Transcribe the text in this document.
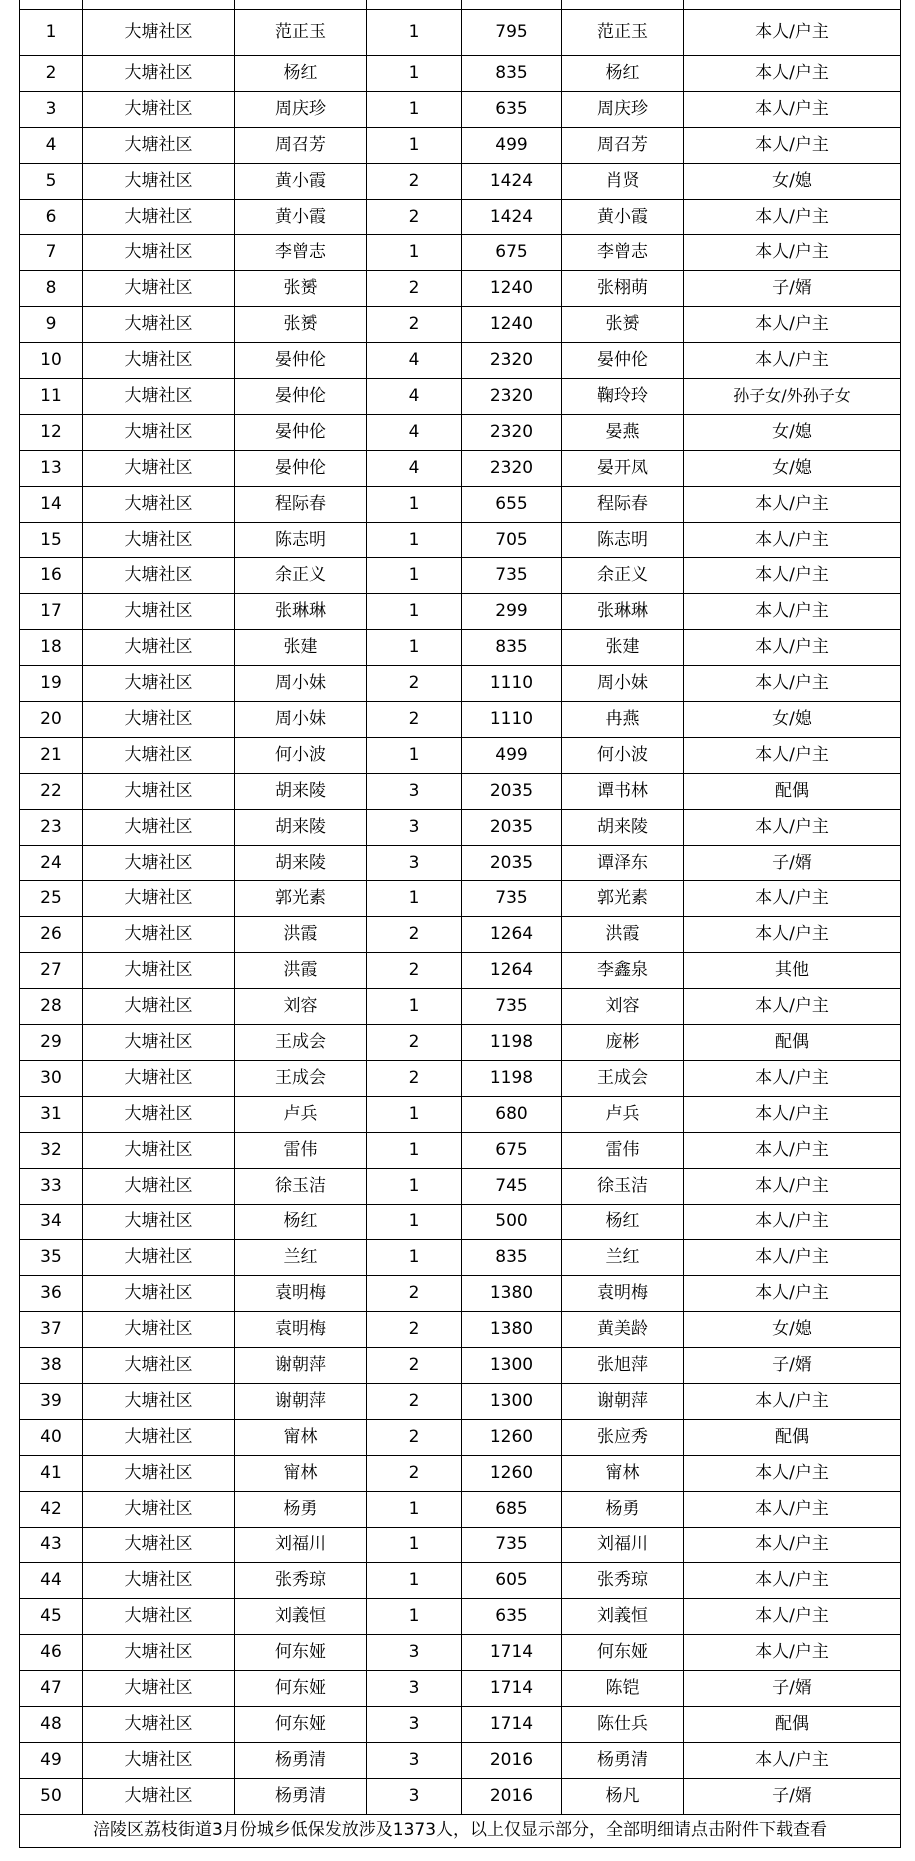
1	大塘社区	范正玉	1	795	范正玉	本人/户主
2	大塘社区	杨红	1	835	杨红	本人/户主
3	大塘社区	周庆珍	1	635	周庆珍	本人/户主
4	大塘社区	周召芳	1	499	周召芳	本人/户主
5	大塘社区	黄小霞	2	1424	肖贤	女/媳
6	大塘社区	黄小霞	2	1424	黄小霞	本人/户主
7	大塘社区	李曾志	1	675	李曾志	本人/户主
8	大塘社区	张赟	2	1240	张栩萌	子/婿
9	大塘社区	张赟	2	1240	张赟	本人/户主
10	大塘社区	晏仲伦	4	2320	晏仲伦	本人/户主
11	大塘社区	晏仲伦	4	2320	鞠玲玲	孙子女/外孙子女
12	大塘社区	晏仲伦	4	2320	晏燕	女/媳
13	大塘社区	晏仲伦	4	2320	晏开凤	女/媳
14	大塘社区	程际春	1	655	程际春	本人/户主
15	大塘社区	陈志明	1	705	陈志明	本人/户主
16	大塘社区	余正义	1	735	余正义	本人/户主
17	大塘社区	张琳琳	1	299	张琳琳	本人/户主
18	大塘社区	张建	1	835	张建	本人/户主
19	大塘社区	周小妹	2	1110	周小妹	本人/户主
20	大塘社区	周小妹	2	1110	冉燕	女/媳
21	大塘社区	何小波	1	499	何小波	本人/户主
22	大塘社区	胡来陵	3	2035	谭书林	配偶
23	大塘社区	胡来陵	3	2035	胡来陵	本人/户主
24	大塘社区	胡来陵	3	2035	谭泽东	子/婿
25	大塘社区	郭光素	1	735	郭光素	本人/户主
26	大塘社区	洪霞	2	1264	洪霞	本人/户主
27	大塘社区	洪霞	2	1264	李鑫泉	其他
28	大塘社区	刘容	1	735	刘容	本人/户主
29	大塘社区	王成会	2	1198	庞彬	配偶
30	大塘社区	王成会	2	1198	王成会	本人/户主
31	大塘社区	卢兵	1	680	卢兵	本人/户主
32	大塘社区	雷伟	1	675	雷伟	本人/户主
33	大塘社区	徐玉洁	1	745	徐玉洁	本人/户主
34	大塘社区	杨红	1	500	杨红	本人/户主
35	大塘社区	兰红	1	835	兰红	本人/户主
36	大塘社区	袁明梅	2	1380	袁明梅	本人/户主
37	大塘社区	袁明梅	2	1380	黄美龄	女/媳
38	大塘社区	谢朝萍	2	1300	张旭萍	子/婿
39	大塘社区	谢朝萍	2	1300	谢朝萍	本人/户主
40	大塘社区	甯林	2	1260	张应秀	配偶
41	大塘社区	甯林	2	1260	甯林	本人/户主
42	大塘社区	杨勇	1	685	杨勇	本人/户主
43	大塘社区	刘福川	1	735	刘福川	本人/户主
44	大塘社区	张秀琼	1	605	张秀琼	本人/户主
45	大塘社区	刘義恒	1	635	刘義恒	本人/户主
46	大塘社区	何东娅	3	1714	何东娅	本人/户主
47	大塘社区	何东娅	3	1714	陈铠	子/婿
48	大塘社区	何东娅	3	1714	陈仕兵	配偶
49	大塘社区	杨勇清	3	2016	杨勇清	本人/户主
50	大塘社区	杨勇清	3	2016	杨凡	子/婿
涪陵区荔枝街道3月份城乡低保发放涉及1373人，以上仅显示部分，全部明细请点击附件下载查看						
